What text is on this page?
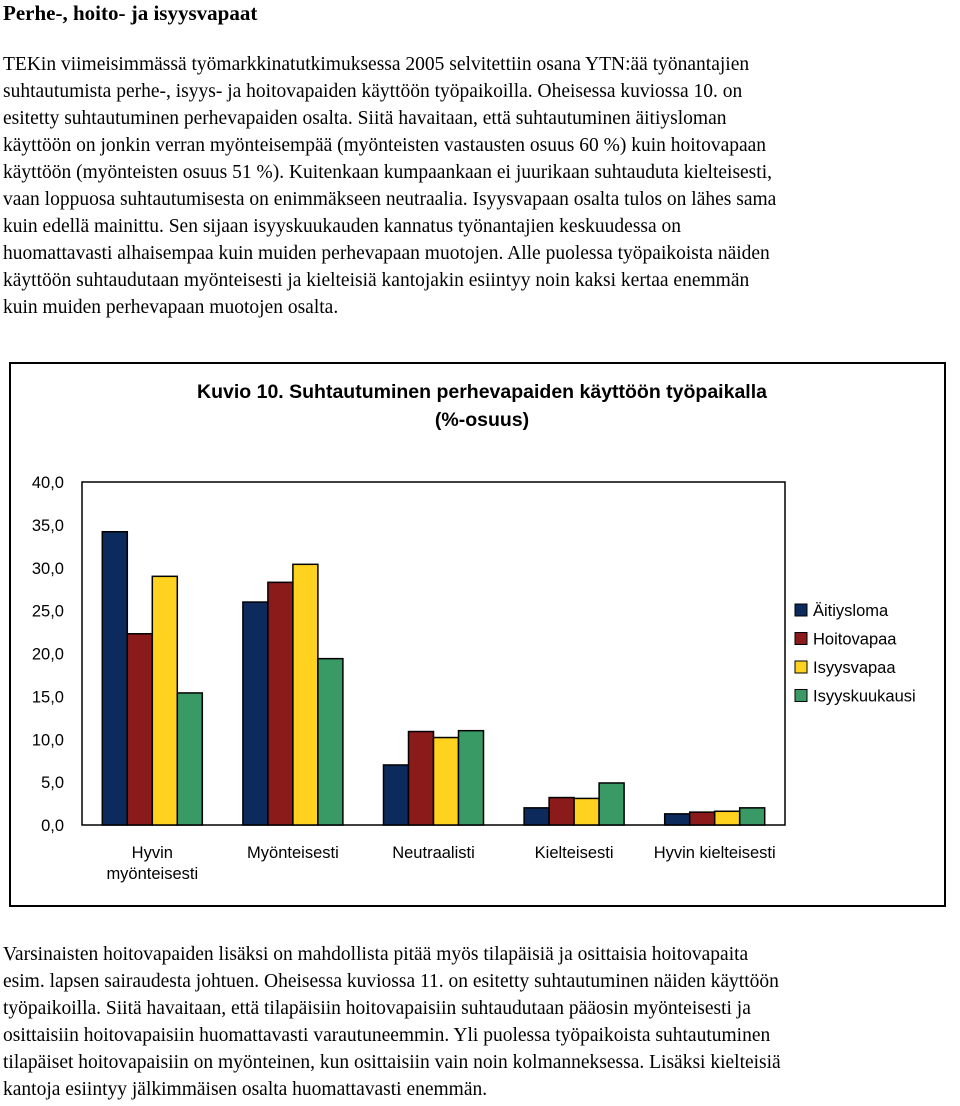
Perhe-, hoito- ja isyysvapaat

TEKin viimeisimmässä työmarkkinatutkimuksessa 2005 selvitettiin osana YTN:ää työnantajien
suhtautumista perhe-, isyys- ja hoitovapaiden käyttöön työpaikoilla. Oheisessa kuviossa 10. on
esitetty suhtautuminen perhevapaiden osalta. Siitä havaitaan, että suhtautuminen äitiysloman
käyttöön on jonkin verran myönteisempää (myönteisten vastausten osuus 60 %) kuin hoitovapaan
käyttöön (myönteisten osuus 51 %). Kuitenkaan kumpaankaan ei juurikaan suhtauduta kielteisesti,
vaan loppuosa suhtautumisesta on enimmäkseen neutraalia. Isyysvapaan osalta tulos on lähes sama
kuin edellä mainittu. Sen sijaan isyyskuukauden kannatus työnantajien keskuudessa on
huomattavasti alhaisempaa kuin muiden perhevapaan muotojen. Alle puolessa työpaikoista näiden
käyttöön suhtaudutaan myönteisesti ja kielteisiä kantojakin esiintyy noin kaksi kertaa enemmän
kuin muiden perhevapaan muotojen osalta.

Kuvio 10. Suhtautuminen perhevapaiden käyttöön työpaikalla
(%-osuus)
0,0
5,0
10,0
15,0
20,0
25,0
30,0
35,0
40,0
Hyvin
myönteisesti
Myönteisesti	Neutraalisti	Kielteisesti Hyvin kielteisesti
Äitiysloma
Hoitovapaa
Isyysvapaa
Isyyskuukausi

Varsinaisten hoitovapaiden lisäksi on mahdollista pitää myös tilapäisiä ja osittaisia hoitovapaita
esim. lapsen sairaudesta johtuen. Oheisessa kuviossa 11. on esitetty suhtautuminen näiden käyttöön
työpaikoilla. Siitä havaitaan, että tilapäisiin hoitovapaisiin suhtaudutaan pääosin myönteisesti ja
osittaisiin hoitovapaisiin huomattavasti varautuneemmin. Yli puolessa työpaikoista suhtautuminen
tilapäiset hoitovapaisiin on myönteinen, kun osittaisiin vain noin kolmanneksessa. Lisäksi kielteisiä
kantoja esiintyy jälkimmäisen osalta huomattavasti enemmän.
